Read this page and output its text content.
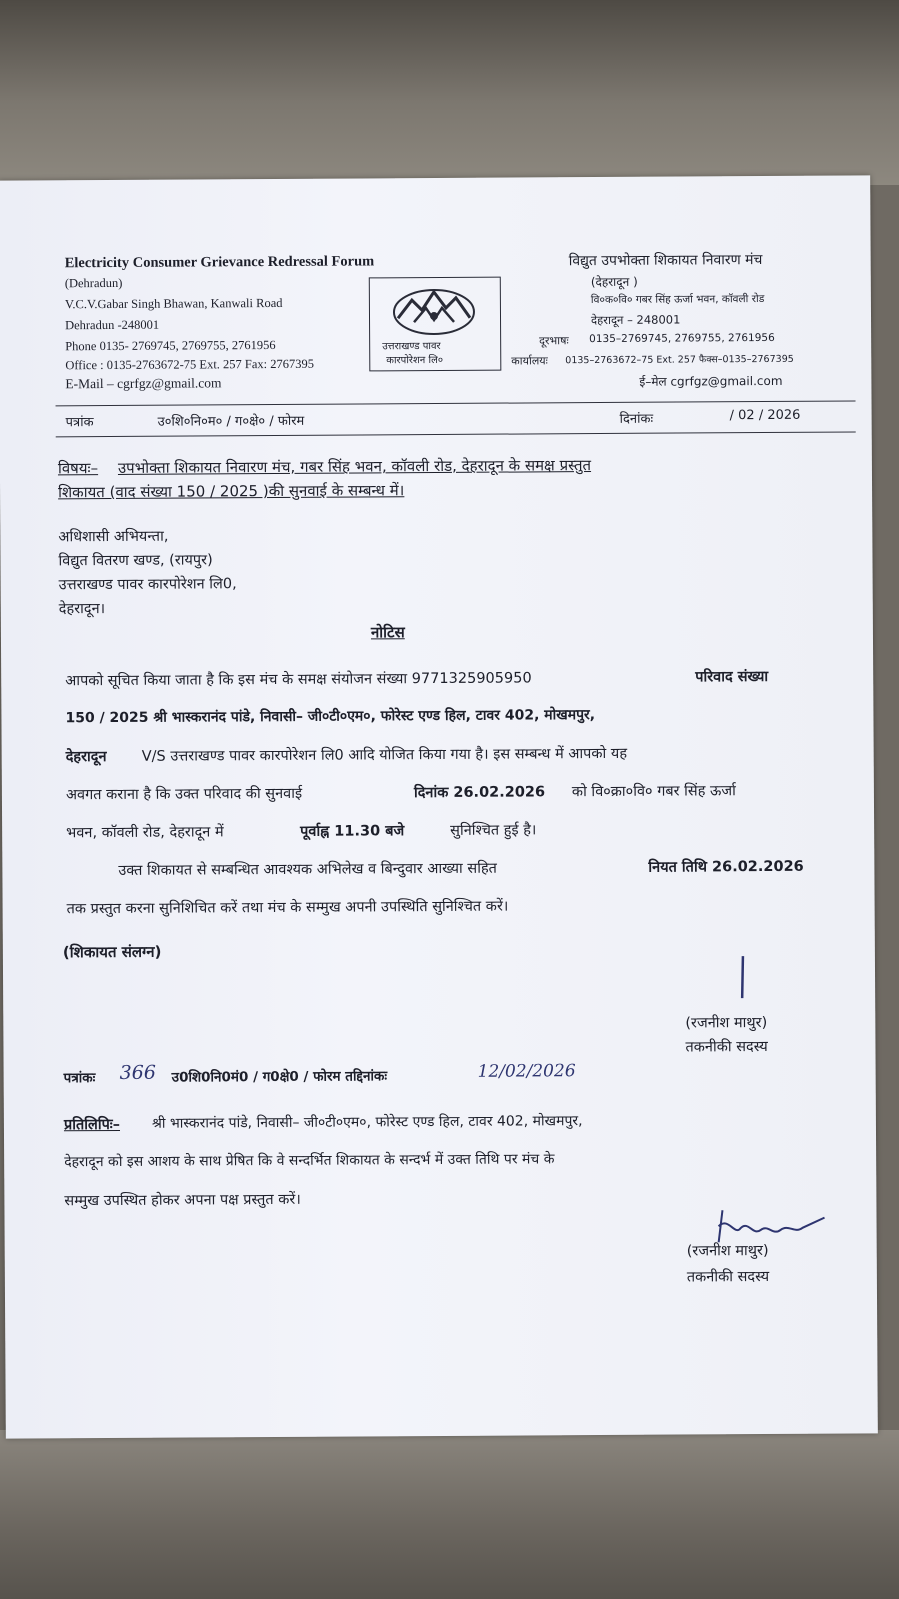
Electricity Consumer Grievance Redressal Forum
(Dehradun)
V.C.V.Gabar Singh Bhawan, Kanwali Road
Dehradun -248001
Phone 0135- 2769745, 2769755, 2761956
Office : 0135-2763672-75 Ext. 257 Fax: 2767395
E-Mail – cgrfgz@gmail.com
उत्तराखण्ड पावर
कारपोरेशन लि०
विद्युत उपभोक्ता शिकायत निवारण मंच
(देहरादून )
वि०क०वि० गबर सिंह ऊर्जा भवन, कॉवली रोड
देहरादून – 248001
दूरभाषः 0135–2769745, 2769755, 2761956
कार्यालयः 0135–2763672–75 Ext. 257 फैक्स–0135–2767395
ई–मेल cgrfgz@gmail.com
पत्रांक	उ०शि०नि०म० / ग०क्षे० / फोरम	दिनांकः	/ 02 / 2026
विषयः– उपभोक्ता शिकायत निवारण मंच, गबर सिंह भवन, कॉवली रोड, देहरादून के समक्ष प्रस्तुत
शिकायत (वाद संख्या 150 / 2025 )की सुनवाई के सम्बन्ध में।
अधिशासी अभियन्ता,
विद्युत वितरण खण्ड, (रायपुर)
उत्तराखण्ड पावर कारपोरेशन लि0,
देहरादून।
नोटिस
आपको सूचित किया जाता है कि इस मंच के समक्ष संयोजन संख्या 9771325905950	परिवाद संख्या
150 / 2025 श्री भास्करानंद पांडे, निवासी– जी०टी०एम०, फोरेस्ट एण्ड हिल, टावर 402, मोखमपुर,
देहरादून V/S उत्तराखण्ड पावर कारपोरेशन लि0 आदि योजित किया गया है। इस सम्बन्ध में आपको यह
अवगत कराना है कि उक्त परिवाद की सुनवाई	दिनांक 26.02.2026 को वि०क्रा०वि० गबर सिंह ऊर्जा
भवन, कॉवली रोड, देहरादून में	पूर्वाह्न 11.30 बजे	सुनिश्चित हुई है।
उक्त शिकायत से सम्बन्धित आवश्यक अभिलेख व बिन्दुवार आख्या सहित	नियत तिथि 26.02.2026
तक प्रस्तुत करना सुनिशिचित करें तथा मंच के सम्मुख अपनी उपस्थिति सुनिश्चित करें।
(शिकायत संलग्न)
(रजनीश माथुर)
तकनीकी सदस्य
पत्रांकः 366 उ0शि0नि0मं0 / ग0क्षे0 / फोरम तद्दिनांकः	12/02/2026
प्रतिलिपिः– श्री भास्करानंद पांडे, निवासी– जी०टी०एम०, फोरेस्ट एण्ड हिल, टावर 402, मोखमपुर,
देहरादून को इस आशय के साथ प्रेषित कि वे सन्दर्भित शिकायत के सन्दर्भ में उक्त तिथि पर मंच के
सम्मुख उपस्थित होकर अपना पक्ष प्रस्तुत करें।
(रजनीश माथुर)
तकनीकी सदस्य
